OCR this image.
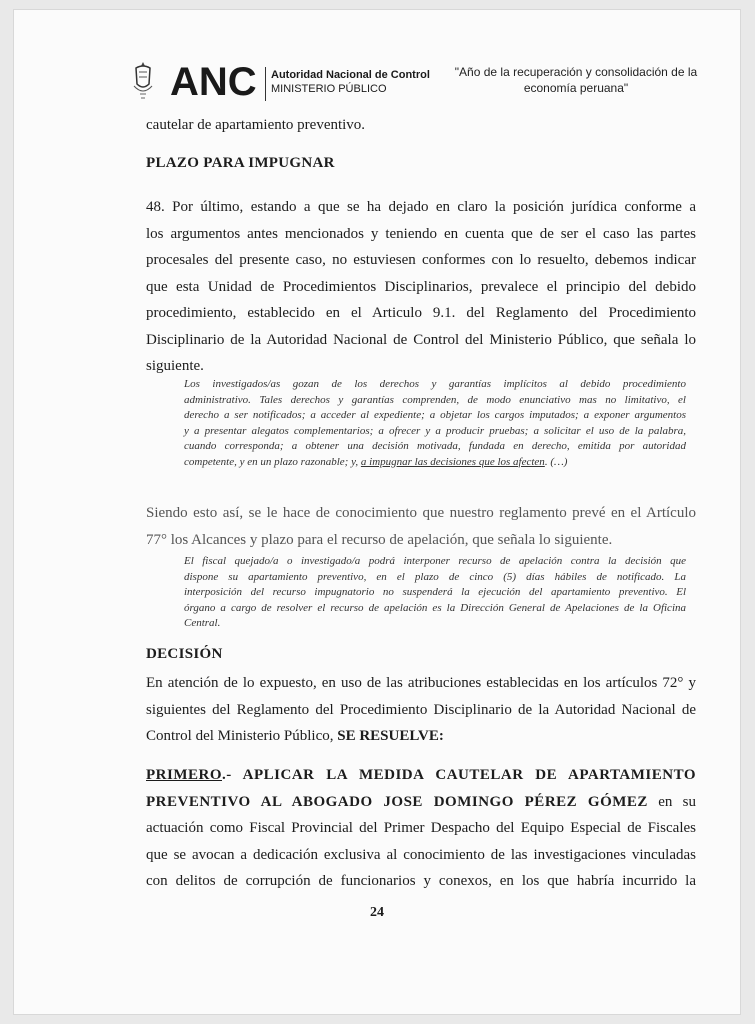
ANC Autoridad Nacional de Control
MINISTERIO PÚBLICO
"Año de la recuperación y consolidación de la
economía peruana"
cautelar de apartamiento preventivo.
PLAZO PARA IMPUGNAR
48. Por último, estando a que se ha dejado en claro la posición jurídica conforme a
los argumentos antes mencionados y teniendo en cuenta que de ser el caso las partes
procesales del presente caso, no estuviesen conformes con lo resuelto, debemos indicar
que esta Unidad de Procedimientos Disciplinarios, prevalece el principio del debido
procedimiento, establecido en el Articulo 9.1. del Reglamento del Procedimiento
Disciplinario de la Autoridad Nacional de Control del Ministerio Público, que señala lo
siguiente.
Los investigados/as gozan de los derechos y garantías implícitos al debido procedimiento
administrativo. Tales derechos y garantías comprenden, de modo enunciativo mas no limitativo, el
derecho a ser notificados; a acceder al expediente; a objetar los cargos imputados; a exponer argumentos
y a presentar alegatos complementarios; a ofrecer y a producir pruebas; a solicitar el uso de la palabra,
cuando corresponda; a obtener una decisión motivada, fundada en derecho, emitida por autoridad
competente, y en un plazo razonable; y, a impugnar las decisiones que los afecten. (…)
Siendo esto así, se le hace de conocimiento que nuestro reglamento prevé en el Artículo
77° los Alcances y plazo para el recurso de apelación, que señala lo siguiente.
El fiscal quejado/a o investigado/a podrá interponer recurso de apelación contra la decisión que
dispone su apartamiento preventivo, en el plazo de cinco (5) días hábiles de notificado. La
interposición del recurso impugnatorio no suspenderá la ejecución del apartamiento preventivo. El
órgano a cargo de resolver el recurso de apelación es la Dirección General de Apelaciones de la Oficina
Central.
DECISIÓN
En atención de lo expuesto, en uso de las atribuciones establecidas en los artículos 72° y
siguientes del Reglamento del Procedimiento Disciplinario de la Autoridad Nacional de
Control del Ministerio Público, SE RESUELVE:
PRIMERO.- APLICAR LA MEDIDA CAUTELAR DE APARTAMIENTO
PREVENTIVO AL ABOGADO JOSE DOMINGO PÉREZ GÓMEZ en su
actuación como Fiscal Provincial del Primer Despacho del Equipo Especial de Fiscales
que se avocan a dedicación exclusiva al conocimiento de las investigaciones vinculadas
con delitos de corrupción de funcionarios y conexos, en los que habría incurrido la
24
